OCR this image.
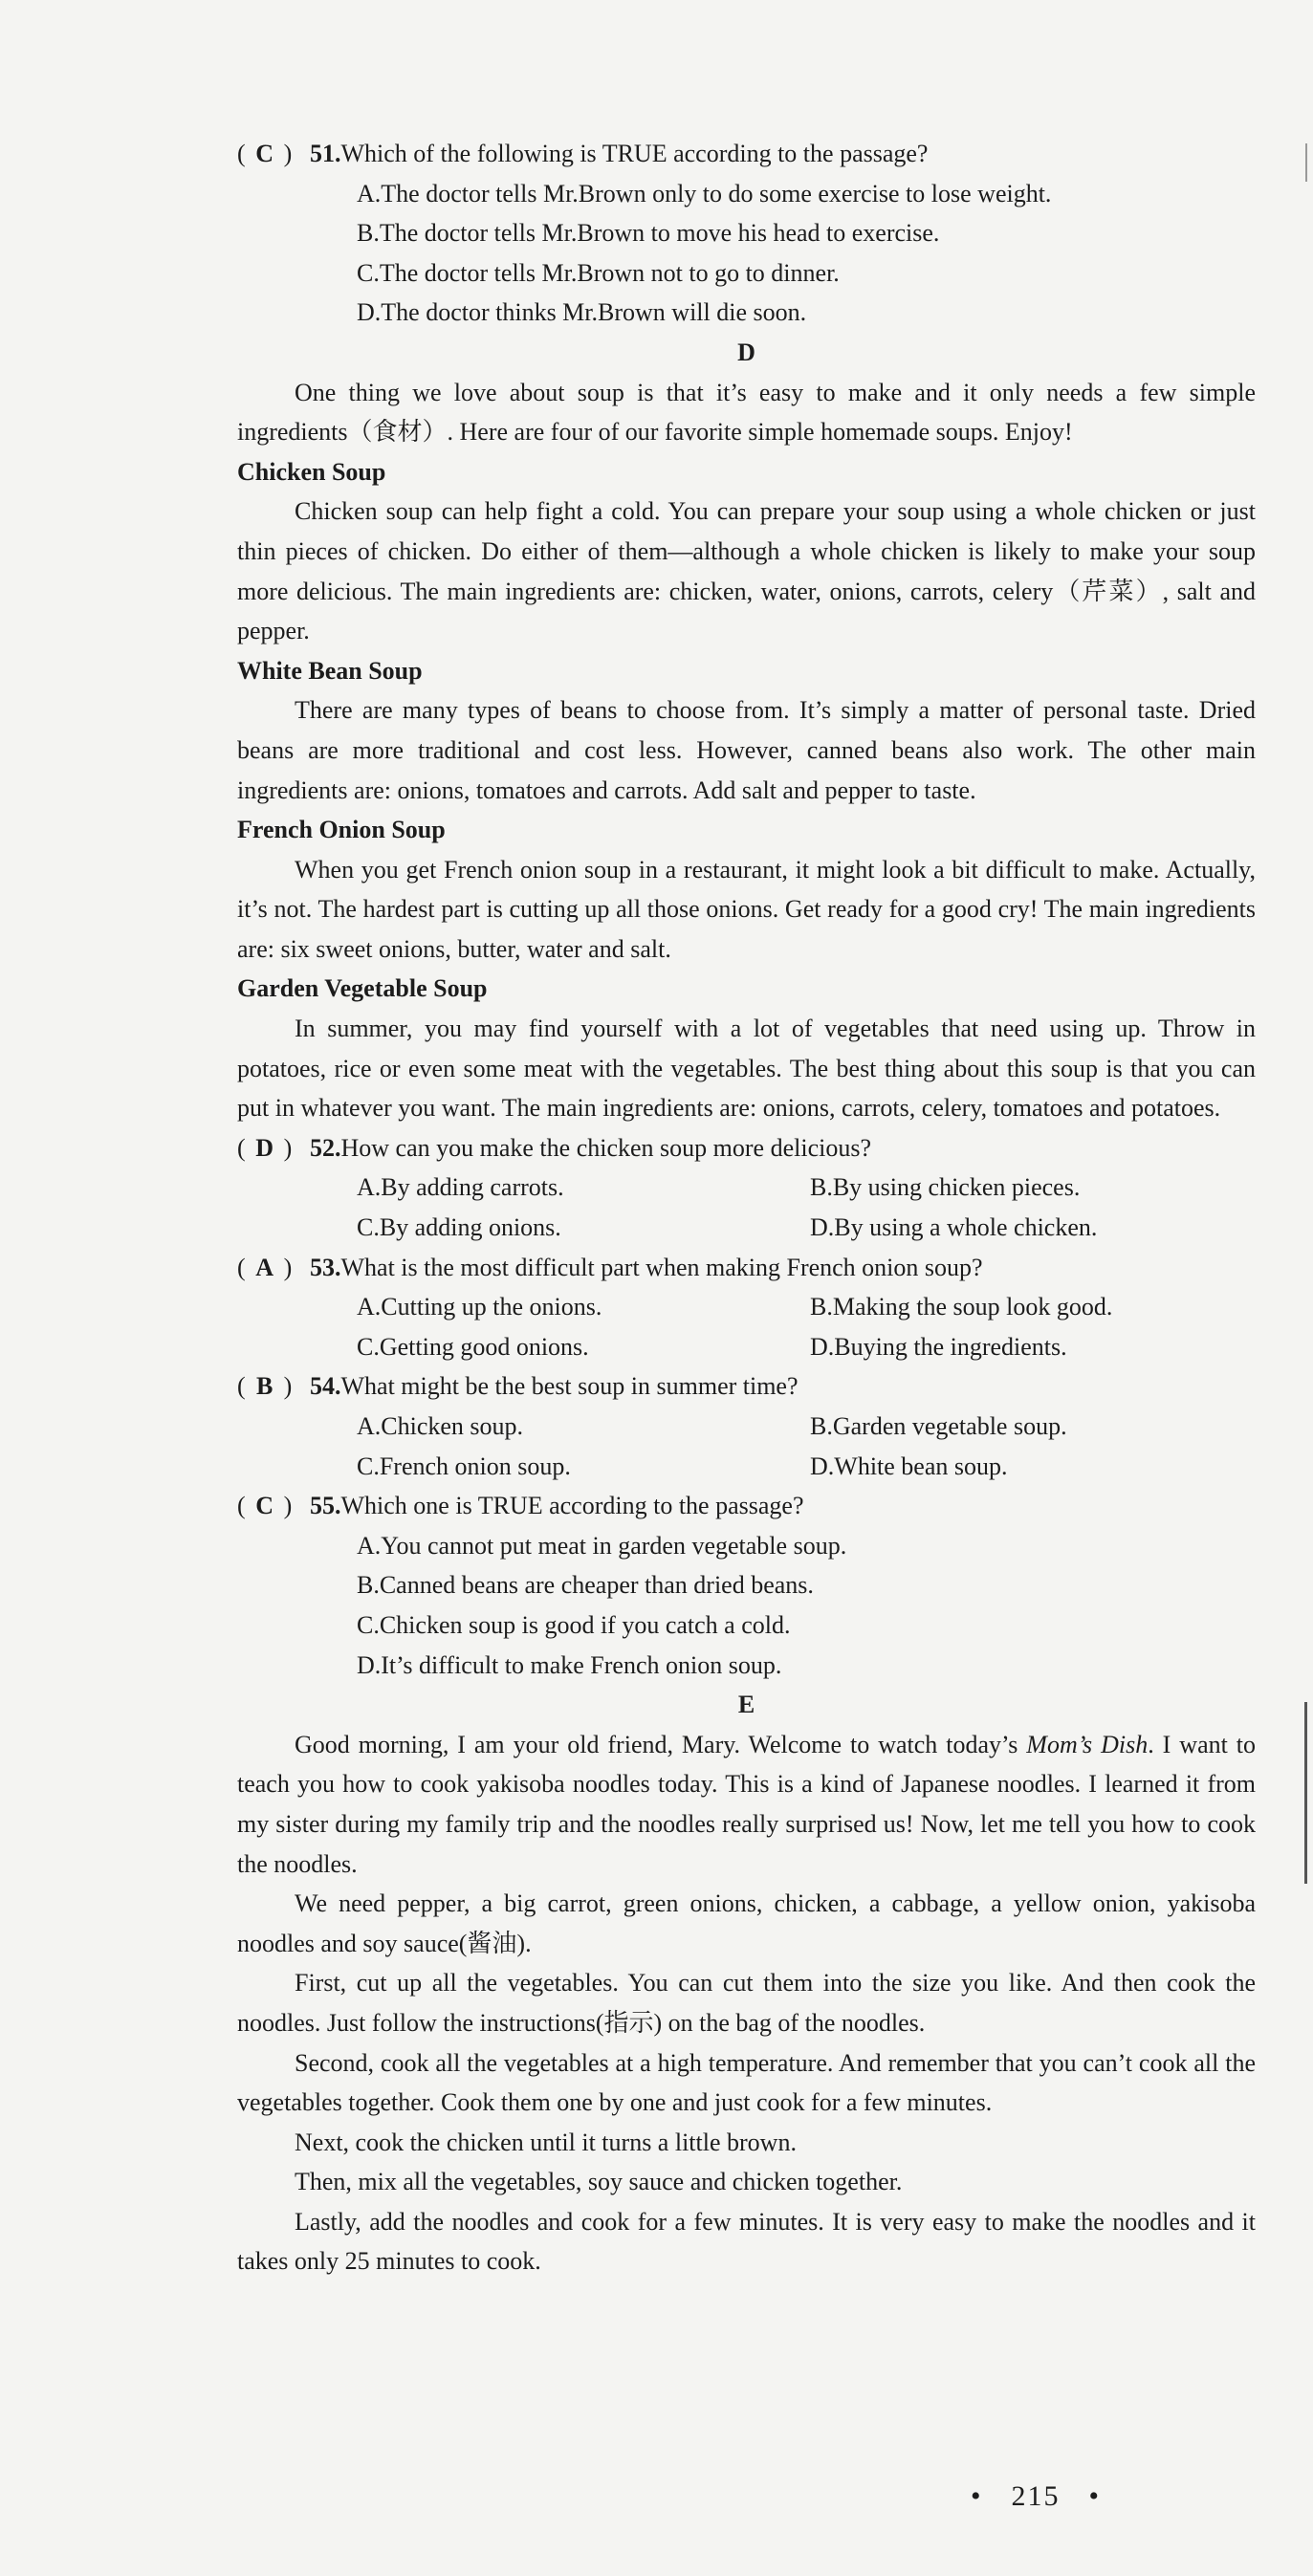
( C ) 51.Which of the following is TRUE according to the passage?
A.The doctor tells Mr.Brown only to do some exercise to lose weight.
B.The doctor tells Mr.Brown to move his head to exercise.
C.The doctor tells Mr.Brown not to go to dinner.
D.The doctor thinks Mr.Brown will die soon.

D

One thing we love about soup is that it’s easy to make and it only needs a few simple ingredients（食材）. Here are four of our favorite simple homemade soups. Enjoy!

Chicken Soup

Chicken soup can help fight a cold. You can prepare your soup using a whole chicken or just thin pieces of chicken. Do either of them—although a whole chicken is likely to make your soup more delicious. The main ingredients are: chicken, water, onions, carrots, celery（芹菜）, salt and pepper.

White Bean Soup

There are many types of beans to choose from. It’s simply a matter of personal taste. Dried beans are more traditional and cost less. However, canned beans also work. The other main ingredients are: onions, tomatoes and carrots. Add salt and pepper to taste.

French Onion Soup

When you get French onion soup in a restaurant, it might look a bit difficult to make. Actually, it’s not. The hardest part is cutting up all those onions. Get ready for a good cry! The main ingredients are: six sweet onions, butter, water and salt.

Garden Vegetable Soup

In summer, you may find yourself with a lot of vegetables that need using up. Throw in potatoes, rice or even some meat with the vegetables. The best thing about this soup is that you can put in whatever you want. The main ingredients are: onions, carrots, celery, tomatoes and potatoes.

( D ) 52.How can you make the chicken soup more delicious?
A.By adding carrots.	B.By using chicken pieces.
C.By adding onions.	D.By using a whole chicken.
( A ) 53.What is the most difficult part when making French onion soup?
A.Cutting up the onions.	B.Making the soup look good.
C.Getting good onions.	D.Buying the ingredients.
( B ) 54.What might be the best soup in summer time?
A.Chicken soup.	B.Garden vegetable soup.
C.French onion soup.	D.White bean soup.
( C ) 55.Which one is TRUE according to the passage?
A.You cannot put meat in garden vegetable soup.
B.Canned beans are cheaper than dried beans.
C.Chicken soup is good if you catch a cold.
D.It’s difficult to make French onion soup.

E

Good morning, I am your old friend, Mary. Welcome to watch today’s Mom’s Dish. I want to teach you how to cook yakisoba noodles today. This is a kind of Japanese noodles. I learned it from my sister during my family trip and the noodles really surprised us! Now, let me tell you how to cook the noodles.

We need pepper, a big carrot, green onions, chicken, a cabbage, a yellow onion, yakisoba noodles and soy sauce(酱油).

First, cut up all the vegetables. You can cut them into the size you like. And then cook the noodles. Just follow the instructions(指示) on the bag of the noodles.

Second, cook all the vegetables at a high temperature. And remember that you can’t cook all the vegetables together. Cook them one by one and just cook for a few minutes.

Next, cook the chicken until it turns a little brown.

Then, mix all the vegetables, soy sauce and chicken together.

Lastly, add the noodles and cook for a few minutes. It is very easy to make the noodles and it takes only 25 minutes to cook.

• 215 •
